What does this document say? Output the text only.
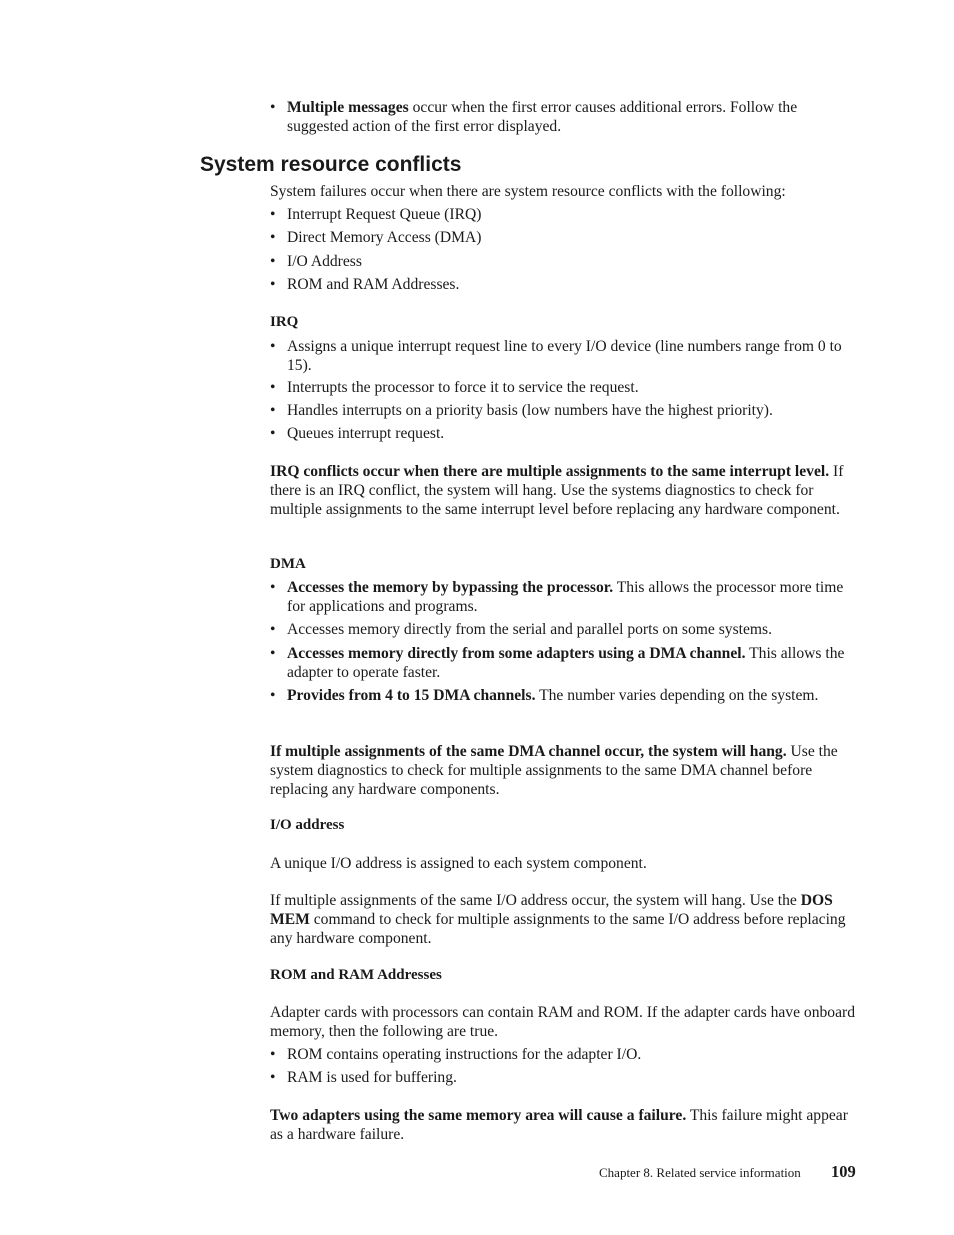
• Multiple messages occur when the first error causes additional errors. Follow the suggested action of the first error displayed.
System resource conflicts
System failures occur when there are system resource conflicts with the following:
• Interrupt Request Queue (IRQ)
• Direct Memory Access (DMA)
• I/O Address
• ROM and RAM Addresses.
IRQ
• Assigns a unique interrupt request line to every I/O device (line numbers range from 0 to 15).
• Interrupts the processor to force it to service the request.
• Handles interrupts on a priority basis (low numbers have the highest priority).
• Queues interrupt request.
IRQ conflicts occur when there are multiple assignments to the same interrupt level. If there is an IRQ conflict, the system will hang. Use the systems diagnostics to check for multiple assignments to the same interrupt level before replacing any hardware component.
DMA
• Accesses the memory by bypassing the processor. This allows the processor more time for applications and programs.
• Accesses memory directly from the serial and parallel ports on some systems.
• Accesses memory directly from some adapters using a DMA channel. This allows the adapter to operate faster.
• Provides from 4 to 15 DMA channels. The number varies depending on the system.
If multiple assignments of the same DMA channel occur, the system will hang. Use the system diagnostics to check for multiple assignments to the same DMA channel before replacing any hardware components.
I/O address
A unique I/O address is assigned to each system component.
If multiple assignments of the same I/O address occur, the system will hang. Use the DOS MEM command to check for multiple assignments to the same I/O address before replacing any hardware component.
ROM and RAM Addresses
Adapter cards with processors can contain RAM and ROM. If the adapter cards have onboard memory, then the following are true.
• ROM contains operating instructions for the adapter I/O.
• RAM is used for buffering.
Two adapters using the same memory area will cause a failure. This failure might appear as a hardware failure.
Chapter 8. Related service information 109
